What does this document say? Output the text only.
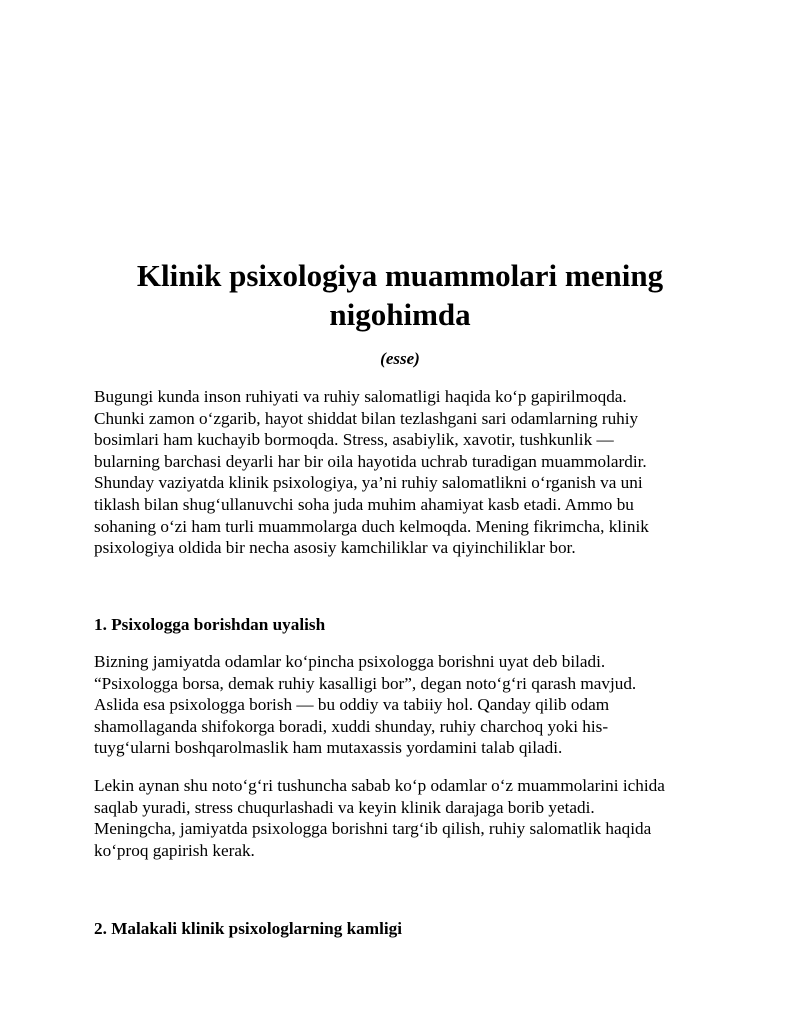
Klinik psixologiya muammolari mening
nigohimda

(esse)

Bugungi kunda inson ruhiyati va ruhiy salomatligi haqida ko‘p gapirilmoqda.
Chunki zamon o‘zgarib, hayot shiddat bilan tezlashgani sari odamlarning ruhiy
bosimlari ham kuchayib bormoqda. Stress, asabiylik, xavotir, tushkunlik —
bularning barchasi deyarli har bir oila hayotida uchrab turadigan muammolardir.
Shunday vaziyatda klinik psixologiya, ya’ni ruhiy salomatlikni o‘rganish va uni
tiklash bilan shug‘ullanuvchi soha juda muhim ahamiyat kasb etadi. Ammo bu
sohaning o‘zi ham turli muammolarga duch kelmoqda. Mening fikrimcha, klinik
psixologiya oldida bir necha asosiy kamchiliklar va qiyinchiliklar bor.

1. Psixologga borishdan uyalish

Bizning jamiyatda odamlar ko‘pincha psixologga borishni uyat deb biladi.
“Psixologga borsa, demak ruhiy kasalligi bor”, degan noto‘g‘ri qarash mavjud.
Aslida esa psixologga borish — bu oddiy va tabiiy hol. Qanday qilib odam
shamollaganda shifokorga boradi, xuddi shunday, ruhiy charchoq yoki his-
tuyg‘ularni boshqarolmaslik ham mutaxassis yordamini talab qiladi.

Lekin aynan shu noto‘g‘ri tushuncha sabab ko‘p odamlar o‘z muammolarini ichida
saqlab yuradi, stress chuqurlashadi va keyin klinik darajaga borib yetadi.
Meningcha, jamiyatda psixologga borishni targ‘ib qilish, ruhiy salomatlik haqida
ko‘proq gapirish kerak.

2. Malakali klinik psixologlarning kamligi
